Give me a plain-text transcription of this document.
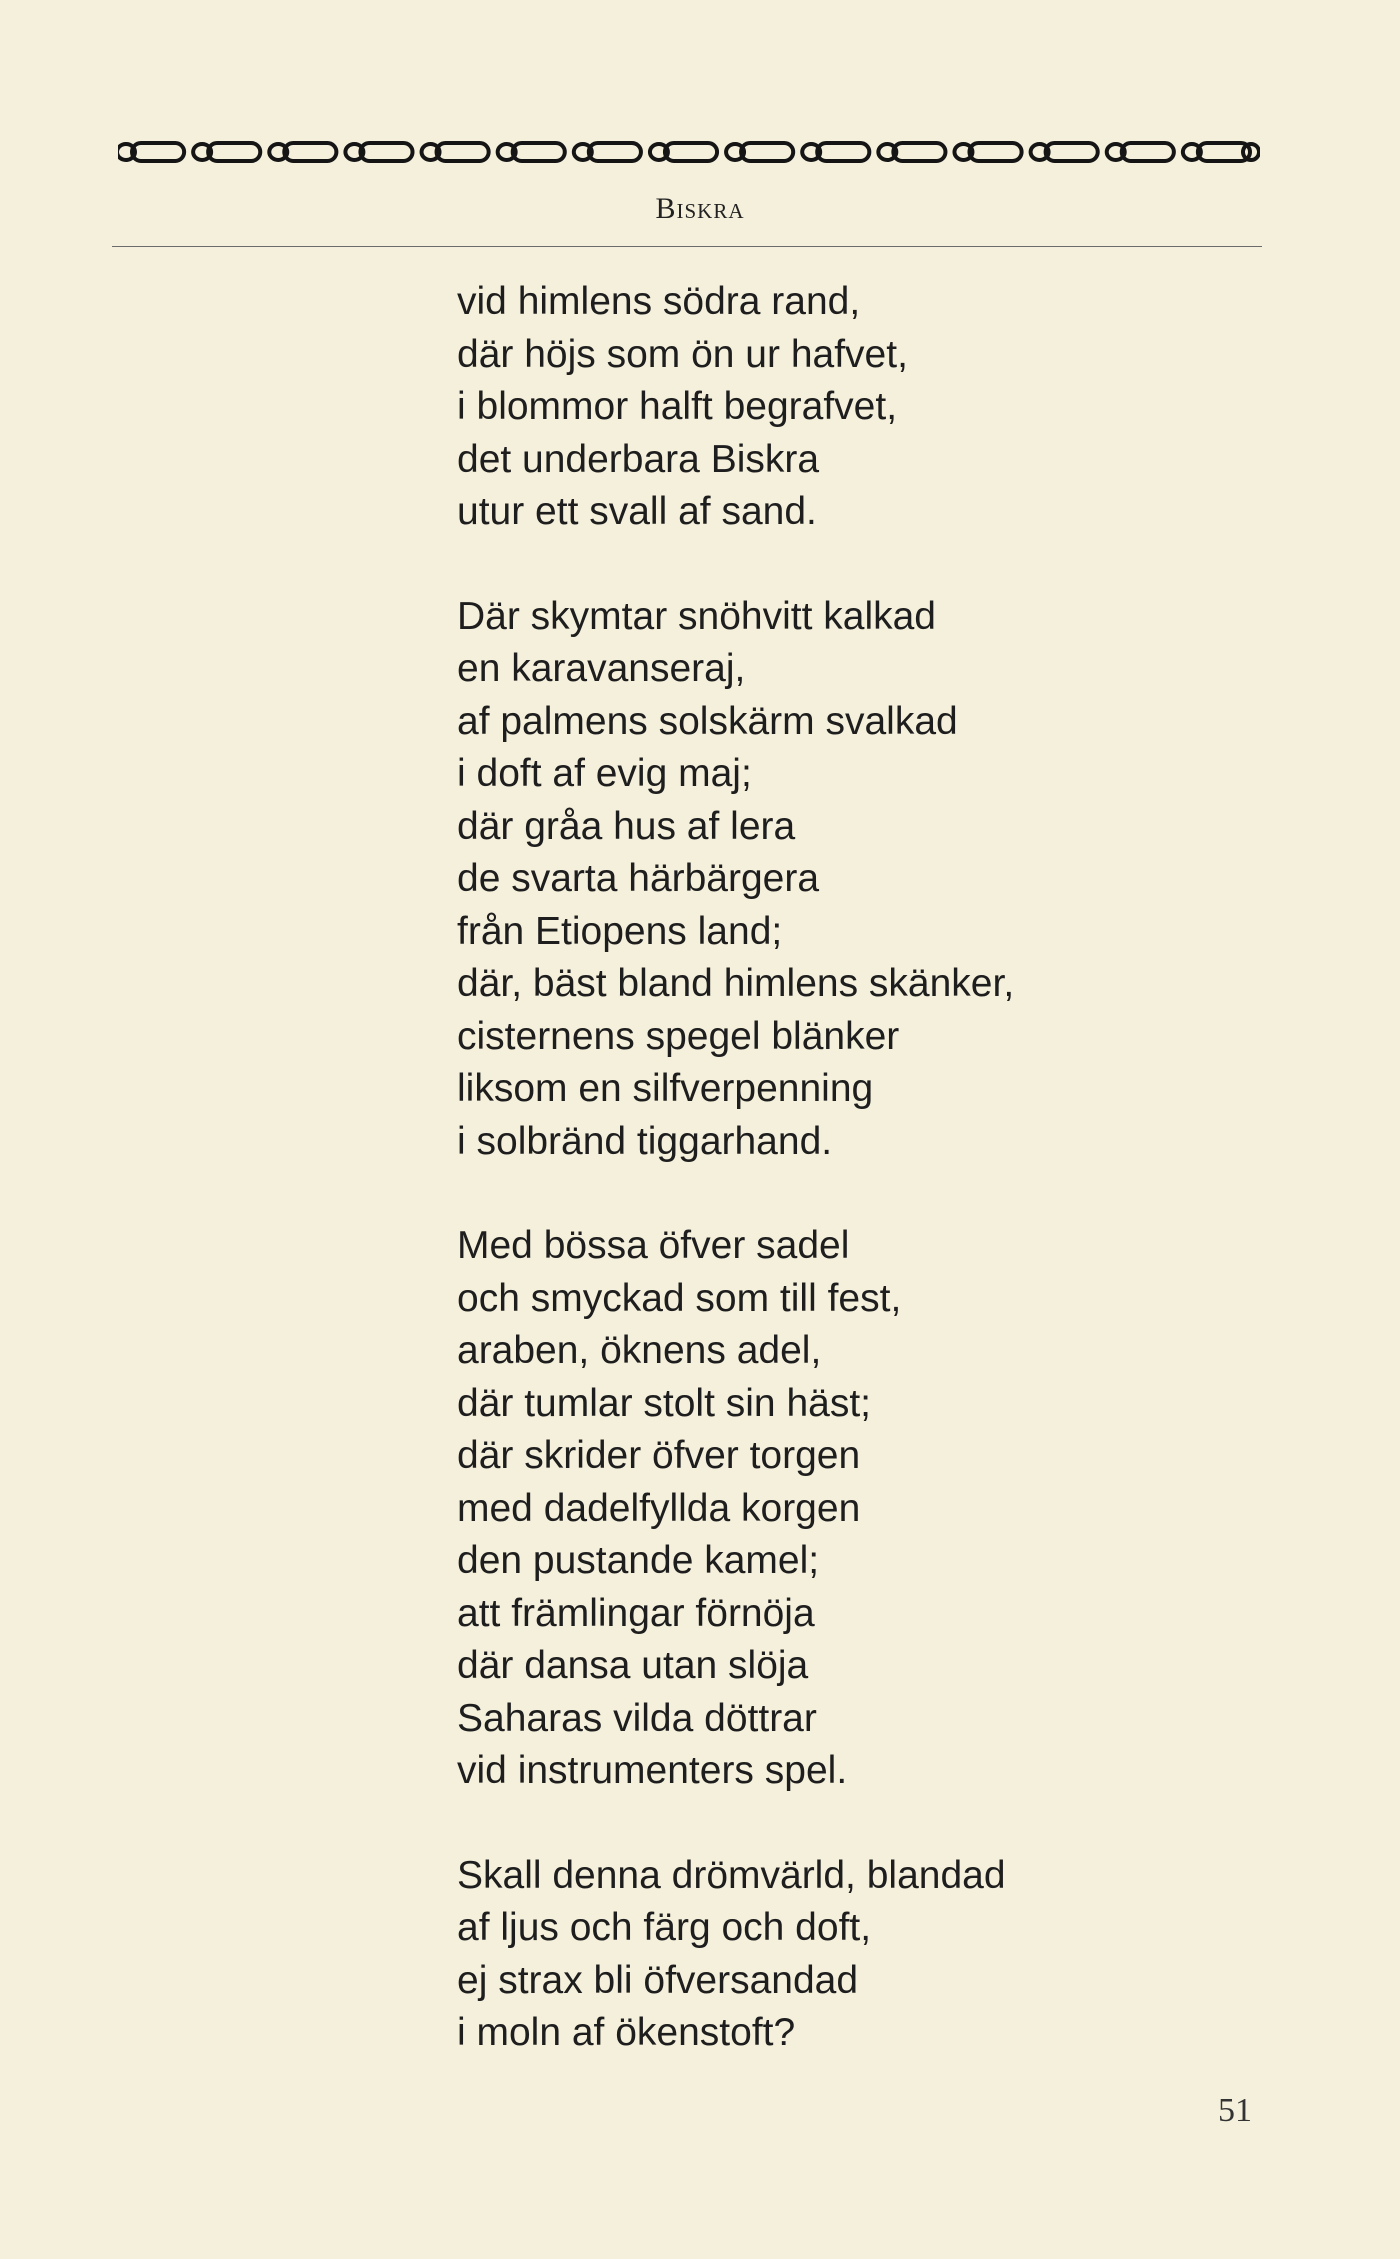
Biskra
vid himlens södra rand,
där höjs som ön ur hafvet,
i blommor halft begrafvet,
det underbara Biskra
utur ett svall af sand.
Där skymtar snöhvitt kalkad
en karavanseraj,
af palmens solskärm svalkad
i doft af evig maj;
där gråa hus af lera
de svarta härbärgera
från Etiopens land;
där, bäst bland himlens skänker,
cisternens spegel blänker
liksom en silfverpenning
i solbränd tiggarhand.
Med bössa öfver sadel
och smyckad som till fest,
araben, öknens adel,
där tumlar stolt sin häst;
där skrider öfver torgen
med dadelfyllda korgen
den pustande kamel;
att främlingar förnöja
där dansa utan slöja
Saharas vilda döttrar
vid instrumenters spel.
Skall denna drömvärld, blandad
af ljus och färg och doft,
ej strax bli öfversandad
i moln af ökenstoft?
51
